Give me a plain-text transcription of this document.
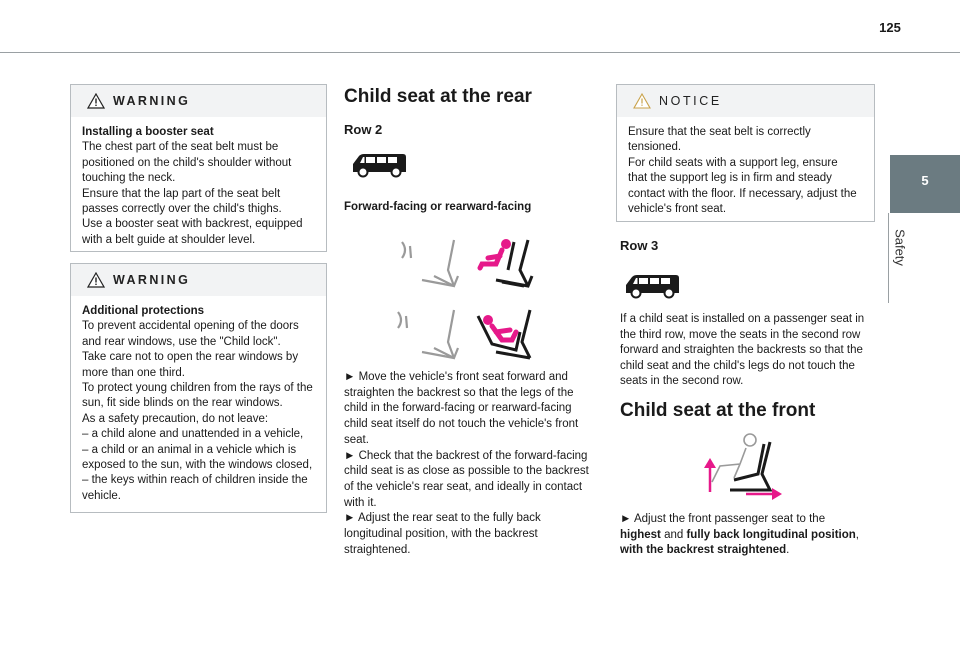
125
5
Safety
WARNING
Installing a booster seat
The chest part of the seat belt must be
positioned on the child's shoulder without
touching the neck.
Ensure that the lap part of the seat belt
passes correctly over the child's thighs.
Use a booster seat with backrest, equipped
with a belt guide at shoulder level.
WARNING
Additional protections
To prevent accidental opening of the doors
and rear windows, use the "Child lock".
Take care not to open the rear windows by
more than one third.
To protect young children from the rays of the
sun, fit side blinds on the rear windows.
As a safety precaution, do not leave:
– a child alone and unattended in a vehicle,
– a child or an animal in a vehicle which is
exposed to the sun, with the windows closed,
– the keys within reach of children inside the
vehicle.
Child seat at the rear
Row 2
Forward-facing or rearward-facing
► Move the vehicle's front seat forward and
straighten the backrest so that the legs of the
child in the forward-facing or rearward-facing
child seat itself do not touch the vehicle's front
seat.
► Check that the backrest of the forward-facing
child seat is as close as possible to the backrest
of the vehicle's rear seat, and ideally in contact
with it.
► Adjust the rear seat to the fully back
longitudinal position, with the backrest
straightened.
NOTICE
Ensure that the seat belt is correctly
tensioned.
For child seats with a support leg, ensure
that the support leg is in firm and steady
contact with the floor. If necessary, adjust the
vehicle's front seat.
Row 3
If a child seat is installed on a passenger seat in
the third row, move the seats in the second row
forward and straighten the backrests so that the
child seat and the child's legs do not touch the
seats in the second row.
Child seat at the front
► Adjust the front passenger seat to the
highest and fully back longitudinal position,
with the backrest straightened.
